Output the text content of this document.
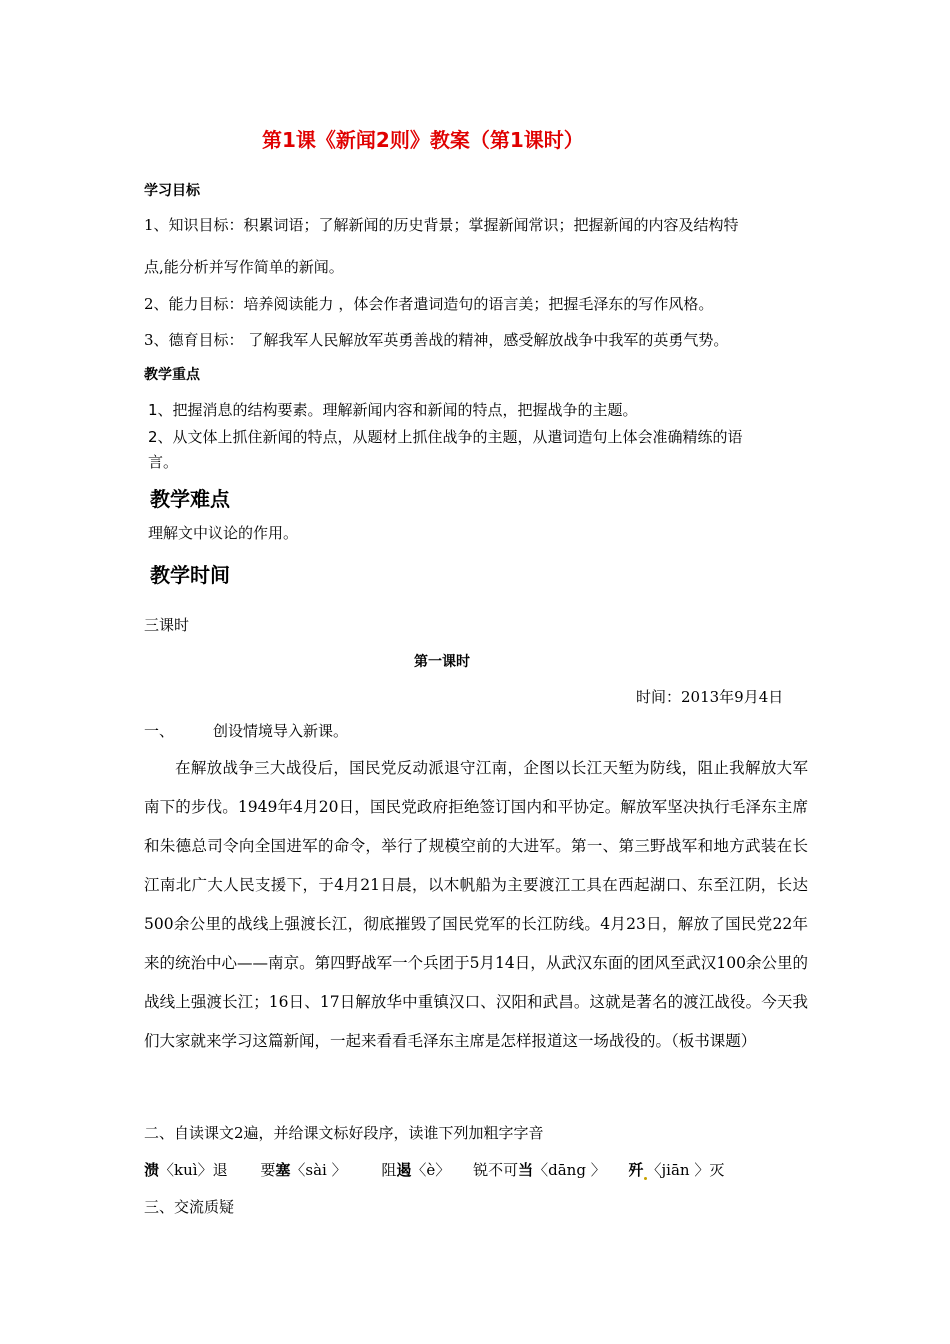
第1课《新闻2则》教案（第1课时）
学习目标
1、知识目标：积累词语；了解新闻的历史背景；掌握新闻常识；把握新闻的内容及结构特
点,能分析并写作简单的新闻。
2、能力目标：培养阅读能力 ，体会作者遣词造句的语言美；把握毛泽东的写作风格。
3、德育目标： 了解我军人民解放军英勇善战的精神，感受解放战争中我军的英勇气势。
教学重点
1、把握消息的结构要素。理解新闻内容和新闻的特点，把握战争的主题。
2、从文体上抓住新闻的特点，从题材上抓住战争的主题，从遣词造句上体会准确精练的语
言。
教学难点
理解文中议论的作用。
教学时间
三课时
第一课时
时间：2013年9月4日
一、	创设情境导入新课。

在解放战争三大战役后，国民党反动派退守江南，企图以长江天堑为防线，阻止我解放大军南下的步伐。1949年4月20日，国民党政府拒绝签订国内和平协定。解放军坚决执行毛泽东主席和朱德总司令向全国进军的命令，举行了规模空前的大进军。第一、第三野战军和地方武装在长江南北广大人民支援下，于4月21日晨，以木帆船为主要渡江工具在西起湖口、东至江阴，长达500余公里的战线上强渡长江，彻底摧毁了国民党军的长江防线。4月23日，解放了国民党22年来的统治中心——南京。第四野战军一个兵团于5月14日，从武汉东面的团风至武汉100余公里的战线上强渡长江；16日、17日解放华中重镇汉口、汉阳和武昌。这就是著名的渡江战役。今天我们大家就来学习这篇新闻，一起来看看毛泽东主席是怎样报道这一场战役的。（板书课题）

二、自读课文2遍，并给课文标好段序，读谁下列加粗字字音
溃〈kuì〉退 要塞〈sài 〉 阻遏〈è〉 锐不可当〈dāng 〉 歼 〈jiān 〉灭
三、交流质疑
